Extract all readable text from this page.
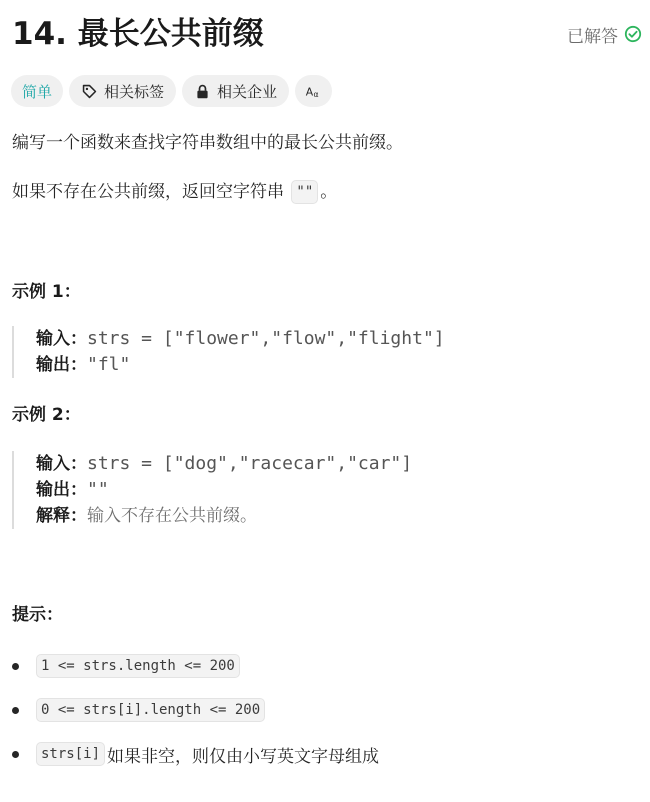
14. 最长公共前缀	已解答
简单	相关标签	相关企业 A α
编写一个函数来查找字符串数组中的最长公共前缀。
如果不存在公共前缀，返回空字符串 "" 。
示例 1：
输入：strs = ["flower","flow","flight"]
输出："fl"
示例 2：
输入：strs = ["dog","racecar","car"]
输出：""
解释：输入不存在公共前缀。
提示：
1 <= strs.length <= 200
0 <= strs[i].length <= 200
strs[i] 如果非空，则仅由小写英文字母组成
